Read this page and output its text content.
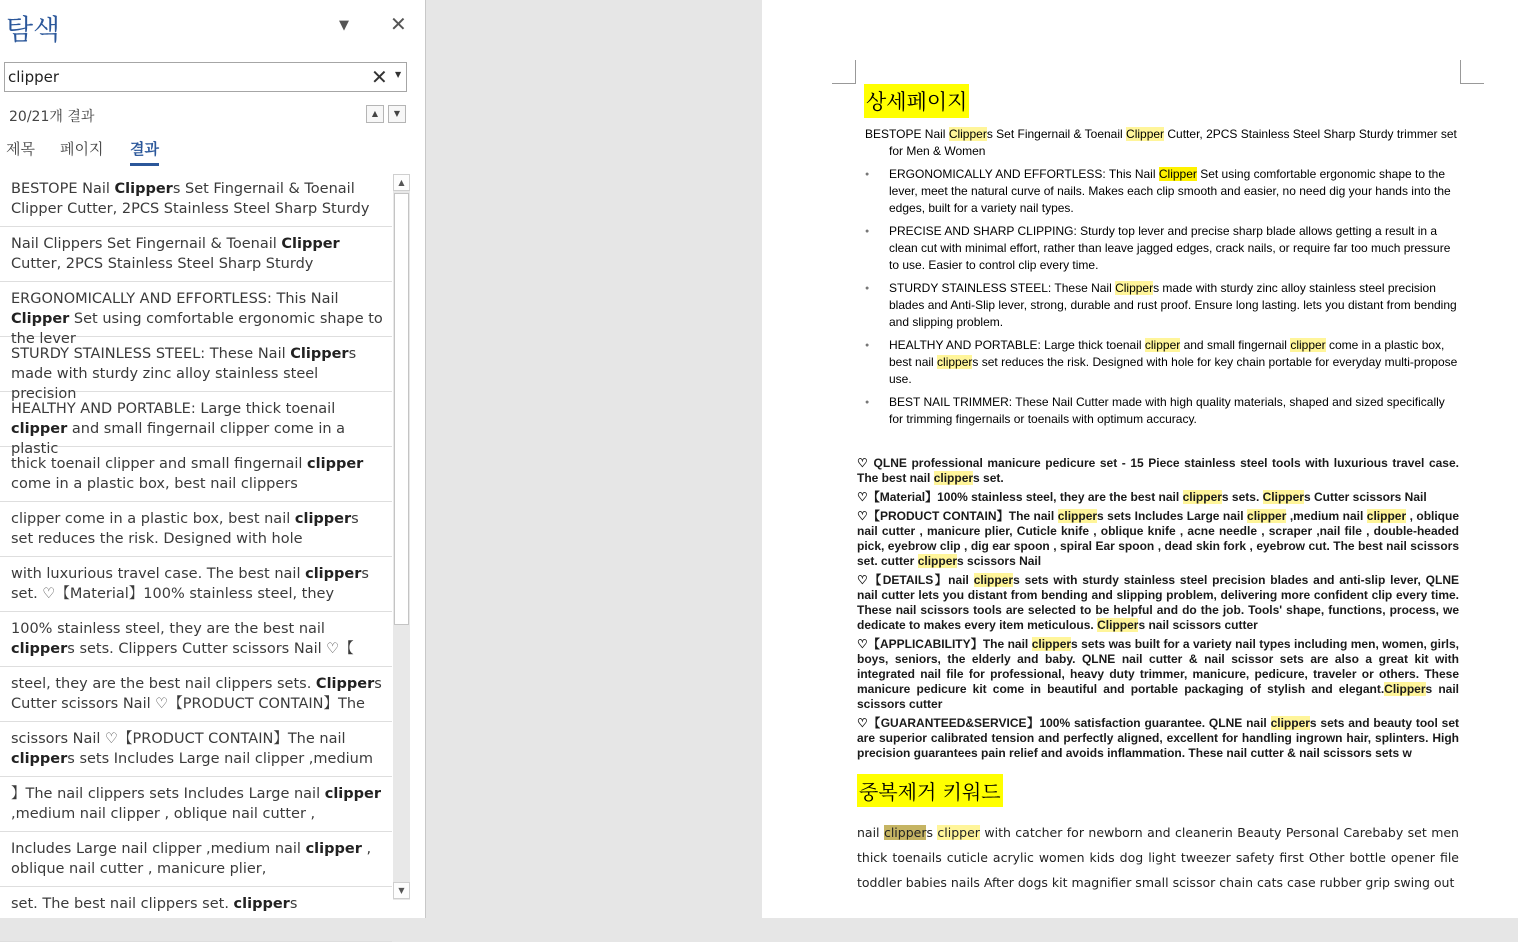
탐색	▼	✕
clipper
✕ ▼
20/21개 결과	▲	▼
제목 페이지 결과
BESTOPE Nail Clippers Set Fingernail & Toenail Clipper Cutter, 2PCS Stainless Steel Sharp Sturdy
Nail Clippers Set Fingernail & Toenail Clipper Cutter, 2PCS Stainless Steel Sharp Sturdy
ERGONOMICALLY AND EFFORTLESS: This Nail Clipper Set using comfortable ergonomic shape to the lever
STURDY STAINLESS STEEL: These Nail Clippers made with sturdy zinc alloy stainless steel precision
HEALTHY AND PORTABLE: Large thick toenail clipper and small fingernail clipper come in a plastic
thick toenail clipper and small fingernail clipper come in a plastic box, best nail clippers
clipper come in a plastic box, best nail clippers set reduces the risk. Designed with hole
with luxurious travel case. The best nail clippers set. ♡【Material】100% stainless steel, they
100% stainless steel, they are the best nail clippers sets. Clippers Cutter scissors Nail ♡【
steel, they are the best nail clippers sets. Clippers Cutter scissors Nail ♡【PRODUCT CONTAIN】The
scissors Nail ♡【PRODUCT CONTAIN】The nail clippers sets Includes Large nail clipper ,medium
】The nail clippers sets Includes Large nail clipper ,medium nail clipper , oblique nail cutter ,
Includes Large nail clipper ,medium nail clipper , oblique nail cutter , manicure plier,
set. The best nail clippers set. clippers
▲
▼
상세페이지
BESTOPE Nail Clippers Set Fingernail & Toenail Clipper Cutter, 2PCS Stainless Steel Sharp Sturdy trimmer set for Men & Women
● ERGONOMICALLY AND EFFORTLESS: This Nail Clipper Set using comfortable ergonomic shape to the lever, meet the natural curve of nails. Makes each clip smooth and easier, no need dig your hands into the edges, built for a variety nail types.
● PRECISE AND SHARP CLIPPING: Sturdy top lever and precise sharp blade allows getting a result in a clean cut with minimal effort, rather than leave jagged edges, crack nails, or require far too much pressure to use. Easier to control clip every time.
● STURDY STAINLESS STEEL: These Nail Clippers made with sturdy zinc alloy stainless steel precision blades and Anti-Slip lever, strong, durable and rust proof. Ensure long lasting. lets you distant from bending and slipping problem.
● HEALTHY AND PORTABLE: Large thick toenail clipper and small fingernail clipper come in a plastic box, best nail clippers set reduces the risk. Designed with hole for key chain portable for everyday multi-propose use.
● BEST NAIL TRIMMER: These Nail Cutter made with high quality materials, shaped and sized specifically for trimming fingernails or toenails with optimum accuracy.

♡ QLNE professional manicure pedicure set - 15 Piece stainless steel tools with luxurious travel case. The best nail clippers set.

♡【Material】100% stainless steel, they are the best nail clippers sets. Clippers Cutter scissors Nail

♡【PRODUCT CONTAIN】The nail clippers sets Includes Large nail clipper ,medium nail clipper , oblique nail cutter , manicure plier, Cuticle knife , oblique knife , acne needle , scraper ,nail file , double-headed pick, eyebrow clip , dig ear spoon , spiral Ear spoon , dead skin fork , eyebrow cut. The best nail scissors set. cutter clippers scissors Nail

♡【DETAILS】nail clippers sets with sturdy stainless steel precision blades and anti-slip lever, QLNE nail cutter lets you distant from bending and slipping problem, delivering more confident clip every time. These nail scissors tools are selected to be helpful and do the job. Tools' shape, functions, process, we dedicate to makes every item meticulous. Clippers nail scissors cutter

♡【APPLICABILITY】The nail clippers sets was built for a variety nail types including men, women, girls, boys, seniors, the elderly and baby. QLNE nail cutter & nail scissor sets are also a great kit with integrated nail file for professional, heavy duty trimmer, manicure, pedicure, traveler or others. These manicure pedicure kit come in beautiful and portable packaging of stylish and elegant.Clippers nail scissors cutter

♡【GUARANTEED&SERVICE】100% satisfaction guarantee. QLNE nail clippers sets and beauty tool set are superior calibrated tension and perfectly aligned, excellent for handling ingrown hair, splinters. High precision guarantees pain relief and avoids inflammation. These nail cutter & nail scissors sets w

중복제거 키워드
nail clippers clipper with catcher for newborn and cleanerin Beauty Personal Carebaby set men thick toenails cuticle acrylic women kids dog light tweezer safety first Other bottle opener file toddler babies nails After dogs kit magnifier small scissor chain cats case rubber grip swing out
